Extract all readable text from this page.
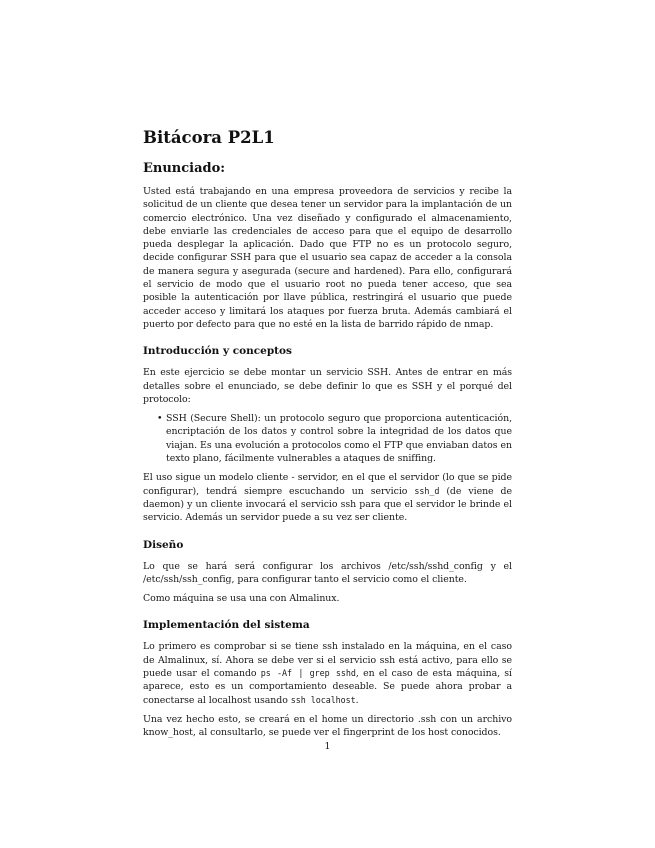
Bitácora P2L1
Enunciado:

Usted está trabajando en una empresa proveedora de servicios y recibe la solicitud de un cliente que desea tener un servidor para la implantación de un comercio electrónico. Una vez diseñado y configurado el almacenamiento, debe enviarle las credenciales de acceso para que el equipo de desarrollo pueda desplegar la aplicación. Dado que FTP no es un protocolo seguro, decide configurar SSH para que el usuario sea capaz de acceder a la consola de manera segura y asegurada (secure and hardened). Para ello, configurará el servicio de modo que el usuario root no pueda tener acceso, que sea posible la autenticación por llave pública, restringirá el usuario que puede acceder acceso y limitará los ataques por fuerza bruta. Además cambiará el puerto por defecto para que no esté en la lista de barrido rápido de nmap.

Introducción y conceptos

En este ejercicio se debe montar un servicio SSH. Antes de entrar en más detalles sobre el enunciado, se debe definir lo que es SSH y el porqué del protocolo:

• SSH (Secure Shell): un protocolo seguro que proporciona autenticación, encriptación de los datos y control sobre la integridad de los datos que viajan. Es una evolución a protocolos como el FTP que enviaban datos en texto plano, fácilmente vulnerables a ataques de sniffing.

El uso sigue un modelo cliente - servidor, en el que el servidor (lo que se pide configurar), tendrá siempre escuchando un servicio ssh_d (de viene de daemon) y un cliente invocará el servicio ssh para que el servidor le brinde el servicio. Además un servidor puede a su vez ser cliente.

Diseño

Lo que se hará será configurar los archivos /etc/ssh/sshd_config y el /etc/ssh/ssh_config, para configurar tanto el servicio como el cliente.

Como máquina se usa una con Almalinux.

Implementación del sistema

Lo primero es comprobar si se tiene ssh instalado en la máquina, en el caso de Almalinux, sí. Ahora se debe ver si el servicio ssh está activo, para ello se puede usar el comando ps -Af | grep sshd, en el caso de esta máquina, sí aparece, esto es un comportamiento deseable. Se puede ahora probar a conectarse al localhost usando ssh localhost.

Una vez hecho esto, se creará en el home un directorio .ssh con un archivo know_host, al consultarlo, se puede ver el fingerprint de los host conocidos.

1
